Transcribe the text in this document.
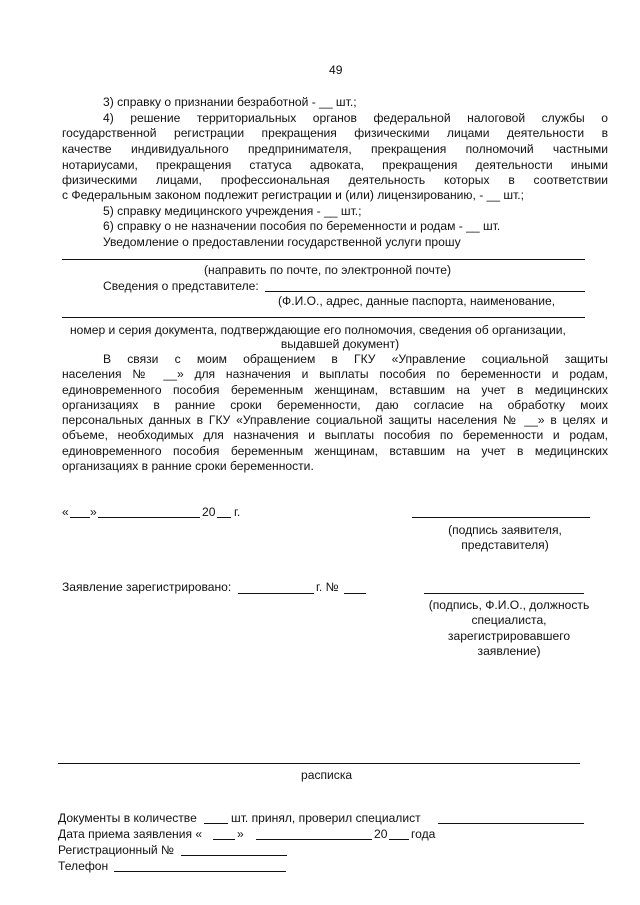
49
3) справку о признании безработной - __ шт.;
4) решение территориальных органов федеральной налоговой службы о
государственной регистрации прекращения физическими лицами деятельности в
качестве индивидуального предпринимателя, прекращения полномочий частными
нотариусами, прекращения статуса адвоката, прекращения деятельности иными
физическими лицами, профессиональная деятельность которых в соответствии
с Федеральным законом подлежит регистрации и (или) лицензированию, - __ шт.;
5) справку медицинского учреждения - __ шт.;
6) справку о не назначении пособия по беременности и родам - __ шт.
Уведомление о предоставлении государственной услуги прошу
(направить по почте, по электронной почте)
Сведения о представителе:
(Ф.И.О., адрес, данные паспорта, наименование,
номер и серия документа, подтверждающие его полномочия, сведения об организации,
выдавшей документ)
В связи с моим обращением в ГКУ «Управление социальной защиты
населения № __» для назначения и выплаты пособия по беременности и родам,
единовременного пособия беременным женщинам, вставшим на учет в медицинских
организациях в ранние сроки беременности, даю согласие на обработку моих
персональных данных в ГКУ «Управление социальной защиты населения № __» в целях и
объеме, необходимых для назначения и выплаты пособия по беременности и родам,
единовременного пособия беременным женщинам, вставшим на учет в медицинских
организациях в ранние сроки беременности.
« »	20 г.
(подпись заявителя,
представителя)
Заявление зарегистрировано:	г. №
(подпись, Ф.И.О., должность
специалиста,
зарегистрировавшего
заявление)
расписка
Документы в количестве	шт. принял, проверил специалист
Дата приема заявления «	»	20 года
Регистрационный №
Телефон
